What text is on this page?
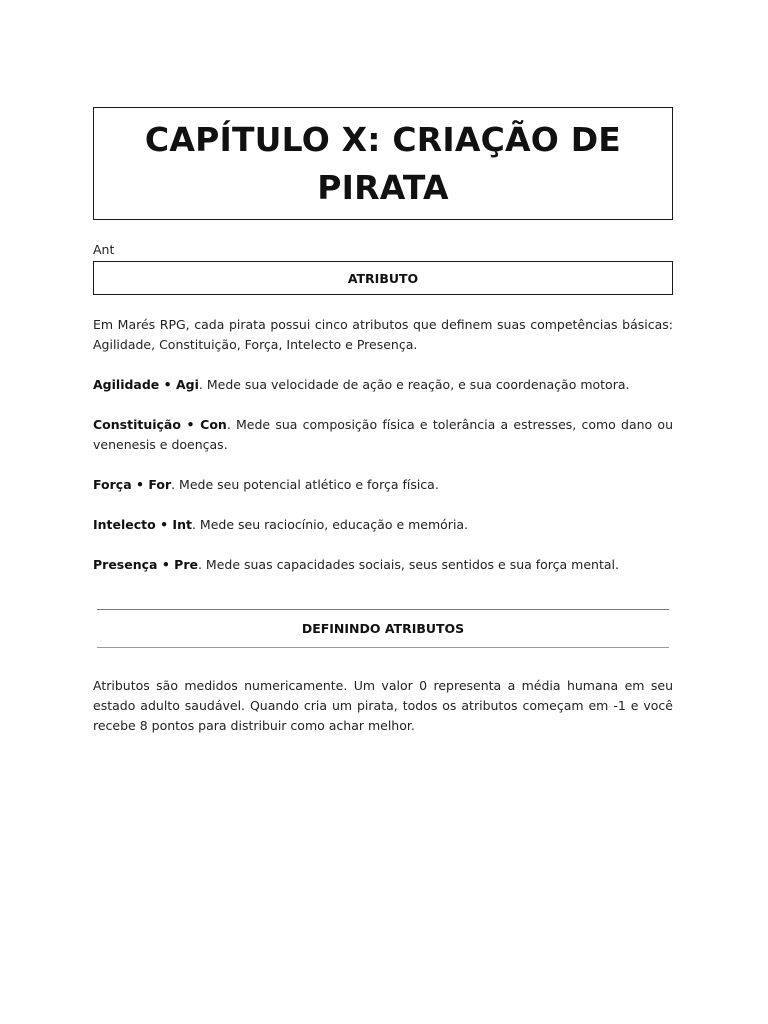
CAPÍTULO X: CRIAÇÃO DE PIRATA
Ant
ATRIBUTO

Em Marés RPG, cada pirata possui cinco atributos que definem suas competências básicas: Agilidade, Constituição, Força, Intelecto e Presença.

Agilidade • Agi. Mede sua velocidade de ação e reação, e sua coordenação motora.

Constituição • Con. Mede sua composição física e tolerância a estresses, como dano ou venenesis e doenças.

Força • For. Mede seu potencial atlético e força física.

Intelecto • Int. Mede seu raciocínio, educação e memória.

Presença • Pre. Mede suas capacidades sociais, seus sentidos e sua força mental.

DEFININDO ATRIBUTOS

Atributos são medidos numericamente. Um valor 0 representa a média humana em seu estado adulto saudável. Quando cria um pirata, todos os atributos começam em -1 e você recebe 8 pontos para distribuir como achar melhor.
